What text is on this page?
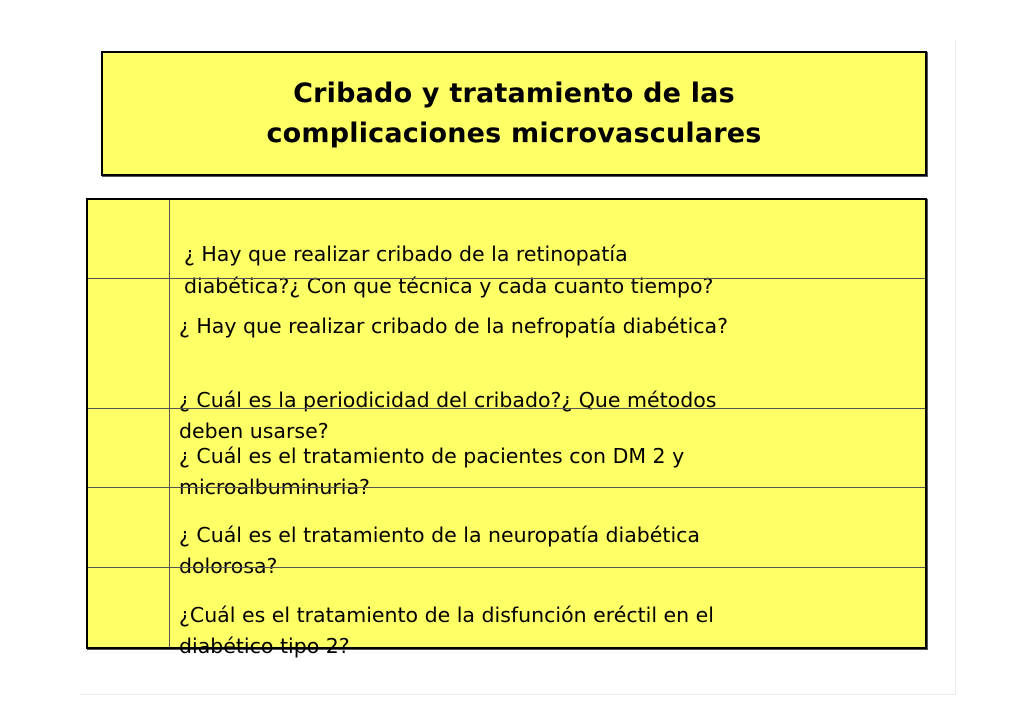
Cribado y tratamiento de las
complicaciones microvasculares

¿ Hay que realizar cribado de la retinopatía
diabética?¿ Con que técnica y cada cuanto tiempo?

¿ Hay que realizar cribado de la nefropatía diabética?

¿ Cuál es la periodicidad del cribado?¿ Que métodos
deben usarse?

¿ Cuál es el tratamiento de pacientes con DM 2 y
microalbuminuria?

¿ Cuál es el tratamiento de la neuropatía diabética
dolorosa?

¿Cuál es el tratamiento de la disfunción eréctil en el
diabético tipo 2?
